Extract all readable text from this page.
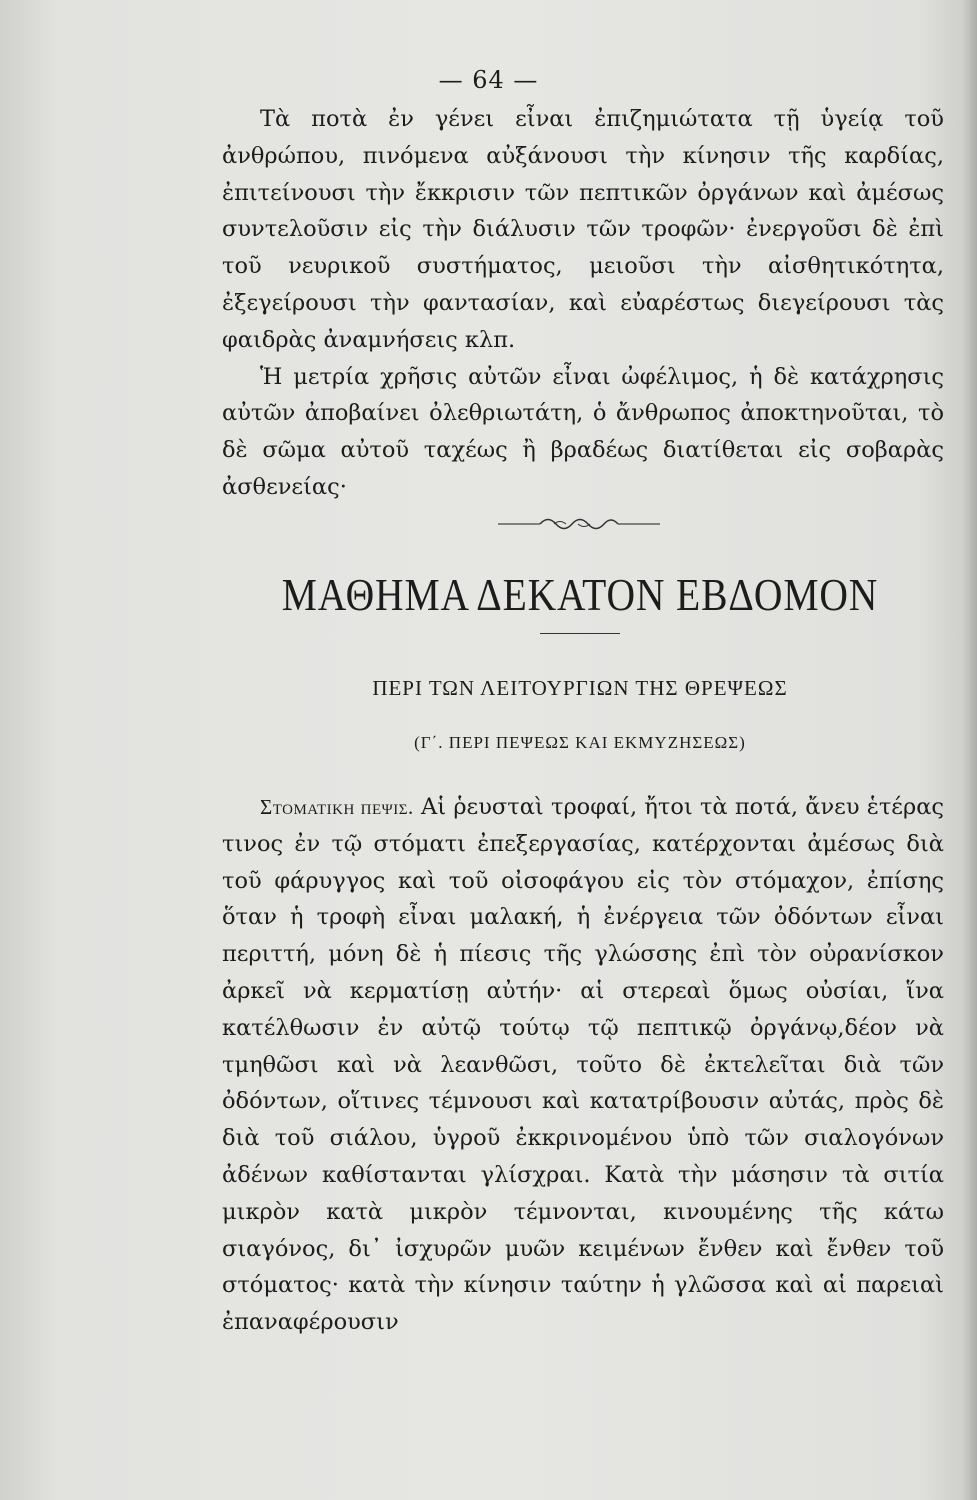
— 64 —

Τὰ ποτὰ ἐν γένει εἶναι ἐπιζημιώτατα τῇ ὑγείᾳ τοῦ ἀνθρώπου, πινόμενα αὐξάνουσι τὴν κίνησιν τῆς καρδίας, ἐπιτείνουσι τὴν ἔκκρισιν τῶν πεπτικῶν ὀργάνων καὶ ἀμέσως συντελοῦσιν εἰς τὴν διάλυσιν τῶν τροφῶν· ἐνεργοῦσι δὲ ἐπὶ τοῦ νευρικοῦ συστήματος, μειοῦσι τὴν αἰσθητικότητα, ἐξεγείρουσι τὴν φαντασίαν, καὶ εὐαρέστως διεγείρουσι τὰς φαιδρὰς ἀναμνήσεις κλπ.

Ἡ μετρία χρῆσις αὐτῶν εἶναι ὠφέλιμος, ἡ δὲ κατάχρησις αὐτῶν ἀποβαίνει ὀλεθριωτάτη, ὁ ἄνθρωπος ἀποκτηνοῦται, τὸ δὲ σῶμα αὐτοῦ ταχέως ἢ βραδέως διατίθεται εἰς σοβαρὰς ἀσθενείας·

ΜΑΘΗΜΑ ΔΕΚΑΤΟΝ ΕΒΔΟΜΟΝ
ΠΕΡΙ ΤΩΝ ΛΕΙΤΟΥΡΓΙΩΝ ΤΗΣ ΘΡΕΨΕΩΣ
(Γ΄. ΠΕΡΙ ΠΕΨΕΩΣ ΚΑΙ ΕΚΜΥΖΗΣΕΩΣ)

Στοματικη πεψις. Αἱ ῥευσταὶ τροφαί, ἤτοι τὰ ποτά, ἄνευ ἑτέρας τινος ἐν τῷ στόματι ἐπεξεργασίας, κατέρχονται ἀμέσως διὰ τοῦ φάρυγγος καὶ τοῦ οἰσοφάγου εἰς τὸν στόμαχον, ἐπίσης ὅταν ἡ τροφὴ εἶναι μαλακή, ἡ ἐνέργεια τῶν ὀδόντων εἶναι περιττή, μόνη δὲ ἡ πίεσις τῆς γλώσσης ἐπὶ τὸν οὐρανίσκον ἀρκεῖ νὰ κερματίσῃ αὐτήν· αἱ στερεαὶ ὅμως οὐσίαι, ἵνα κατέλθωσιν ἐν αὐτῷ τούτῳ τῷ πεπτικῷ ὀργάνῳ,δέον νὰ τμηθῶσι καὶ νὰ λεανθῶσι, τοῦτο δὲ ἐκτελεῖται διὰ τῶν ὀδόντων, οἵτινες τέμνουσι καὶ κατατρίβουσιν αὐτάς, πρὸς δὲ διὰ τοῦ σιάλου, ὑγροῦ ἐκκρινομένου ὑπὸ τῶν σιαλογόνων ἀδένων καθίστανται γλίσχραι. Κατὰ τὴν μάσησιν τὰ σιτία μικρὸν κατὰ μικρὸν τέμνονται, κινουμένης τῆς κάτω σιαγόνος, δι᾽ ἰσχυρῶν μυῶν κειμένων ἔνθεν καὶ ἔνθεν τοῦ στόματος· κατὰ τὴν κίνησιν ταύτην ἡ γλῶσσα καὶ αἱ παρειαὶ ἐπαναφέρουσιν
